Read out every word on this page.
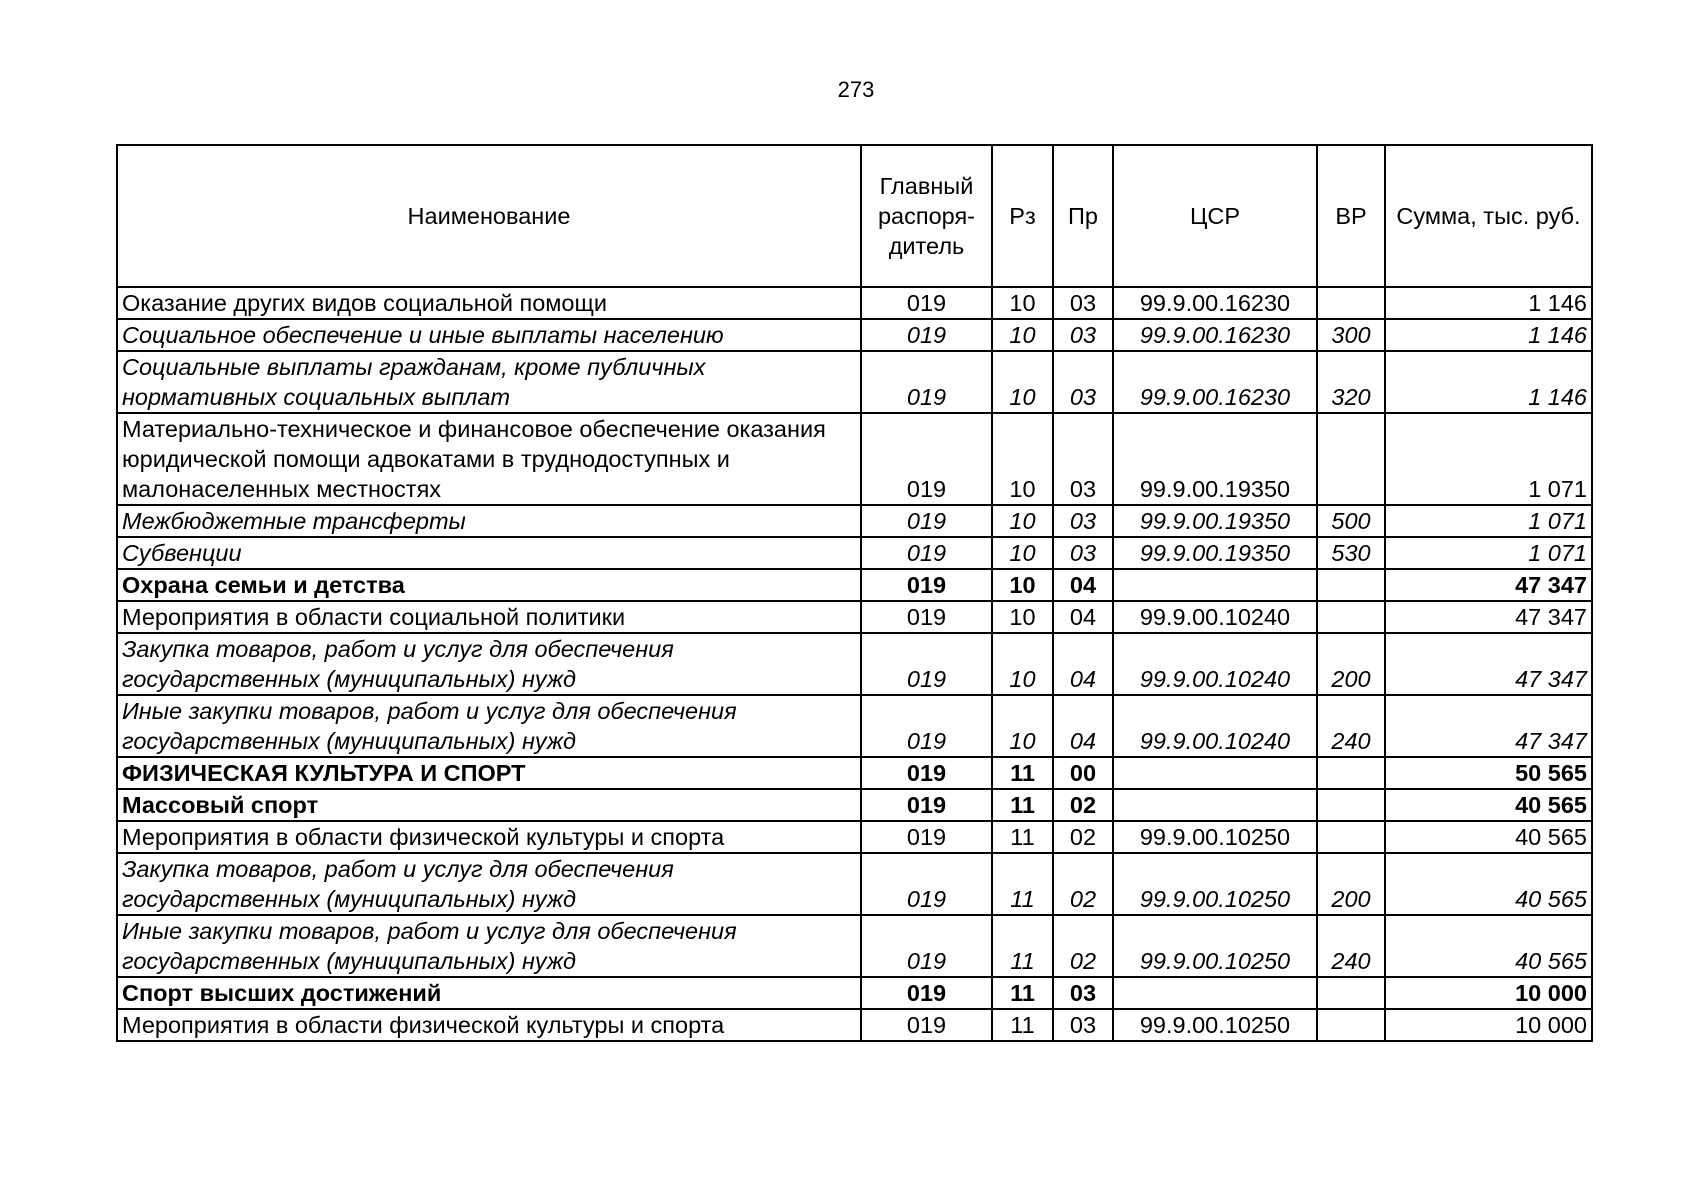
273
Наименование	Главный распоря-дитель	Рз	Пр	ЦСР	ВР	Сумма, тыс. руб.
Оказание других видов социальной помощи	019	10	03	99.9.00.16230		1 146
Социальное обеспечение и иные выплаты населению	019	10	03	99.9.00.16230	300	1 146
Социальные выплаты гражданам, кроме публичных нормативных социальных выплат	019	10	03	99.9.00.16230	320	1 146
Материально-техническое и финансовое обеспечение оказания юридической помощи адвокатами в труднодоступных и малонаселенных местностях	019	10	03	99.9.00.19350		1 071
Межбюджетные трансферты	019	10	03	99.9.00.19350	500	1 071
Субвенции	019	10	03	99.9.00.19350	530	1 071
Охрана семьи и детства	019	10	04			47 347
Мероприятия в области социальной политики	019	10	04	99.9.00.10240		47 347
Закупка товаров, работ и услуг для обеспечения государственных (муниципальных) нужд	019	10	04	99.9.00.10240	200	47 347
Иные закупки товаров, работ и услуг для обеспечения государственных (муниципальных) нужд	019	10	04	99.9.00.10240	240	47 347
ФИЗИЧЕСКАЯ КУЛЬТУРА И СПОРТ	019	11	00			50 565
Массовый спорт	019	11	02			40 565
Мероприятия в области физической культуры и спорта	019	11	02	99.9.00.10250		40 565
Закупка товаров, работ и услуг для обеспечения государственных (муниципальных) нужд	019	11	02	99.9.00.10250	200	40 565
Иные закупки товаров, работ и услуг для обеспечения государственных (муниципальных) нужд	019	11	02	99.9.00.10250	240	40 565
Спорт высших достижений	019	11	03			10 000
Мероприятия в области физической культуры и спорта	019	11	03	99.9.00.10250		10 000
